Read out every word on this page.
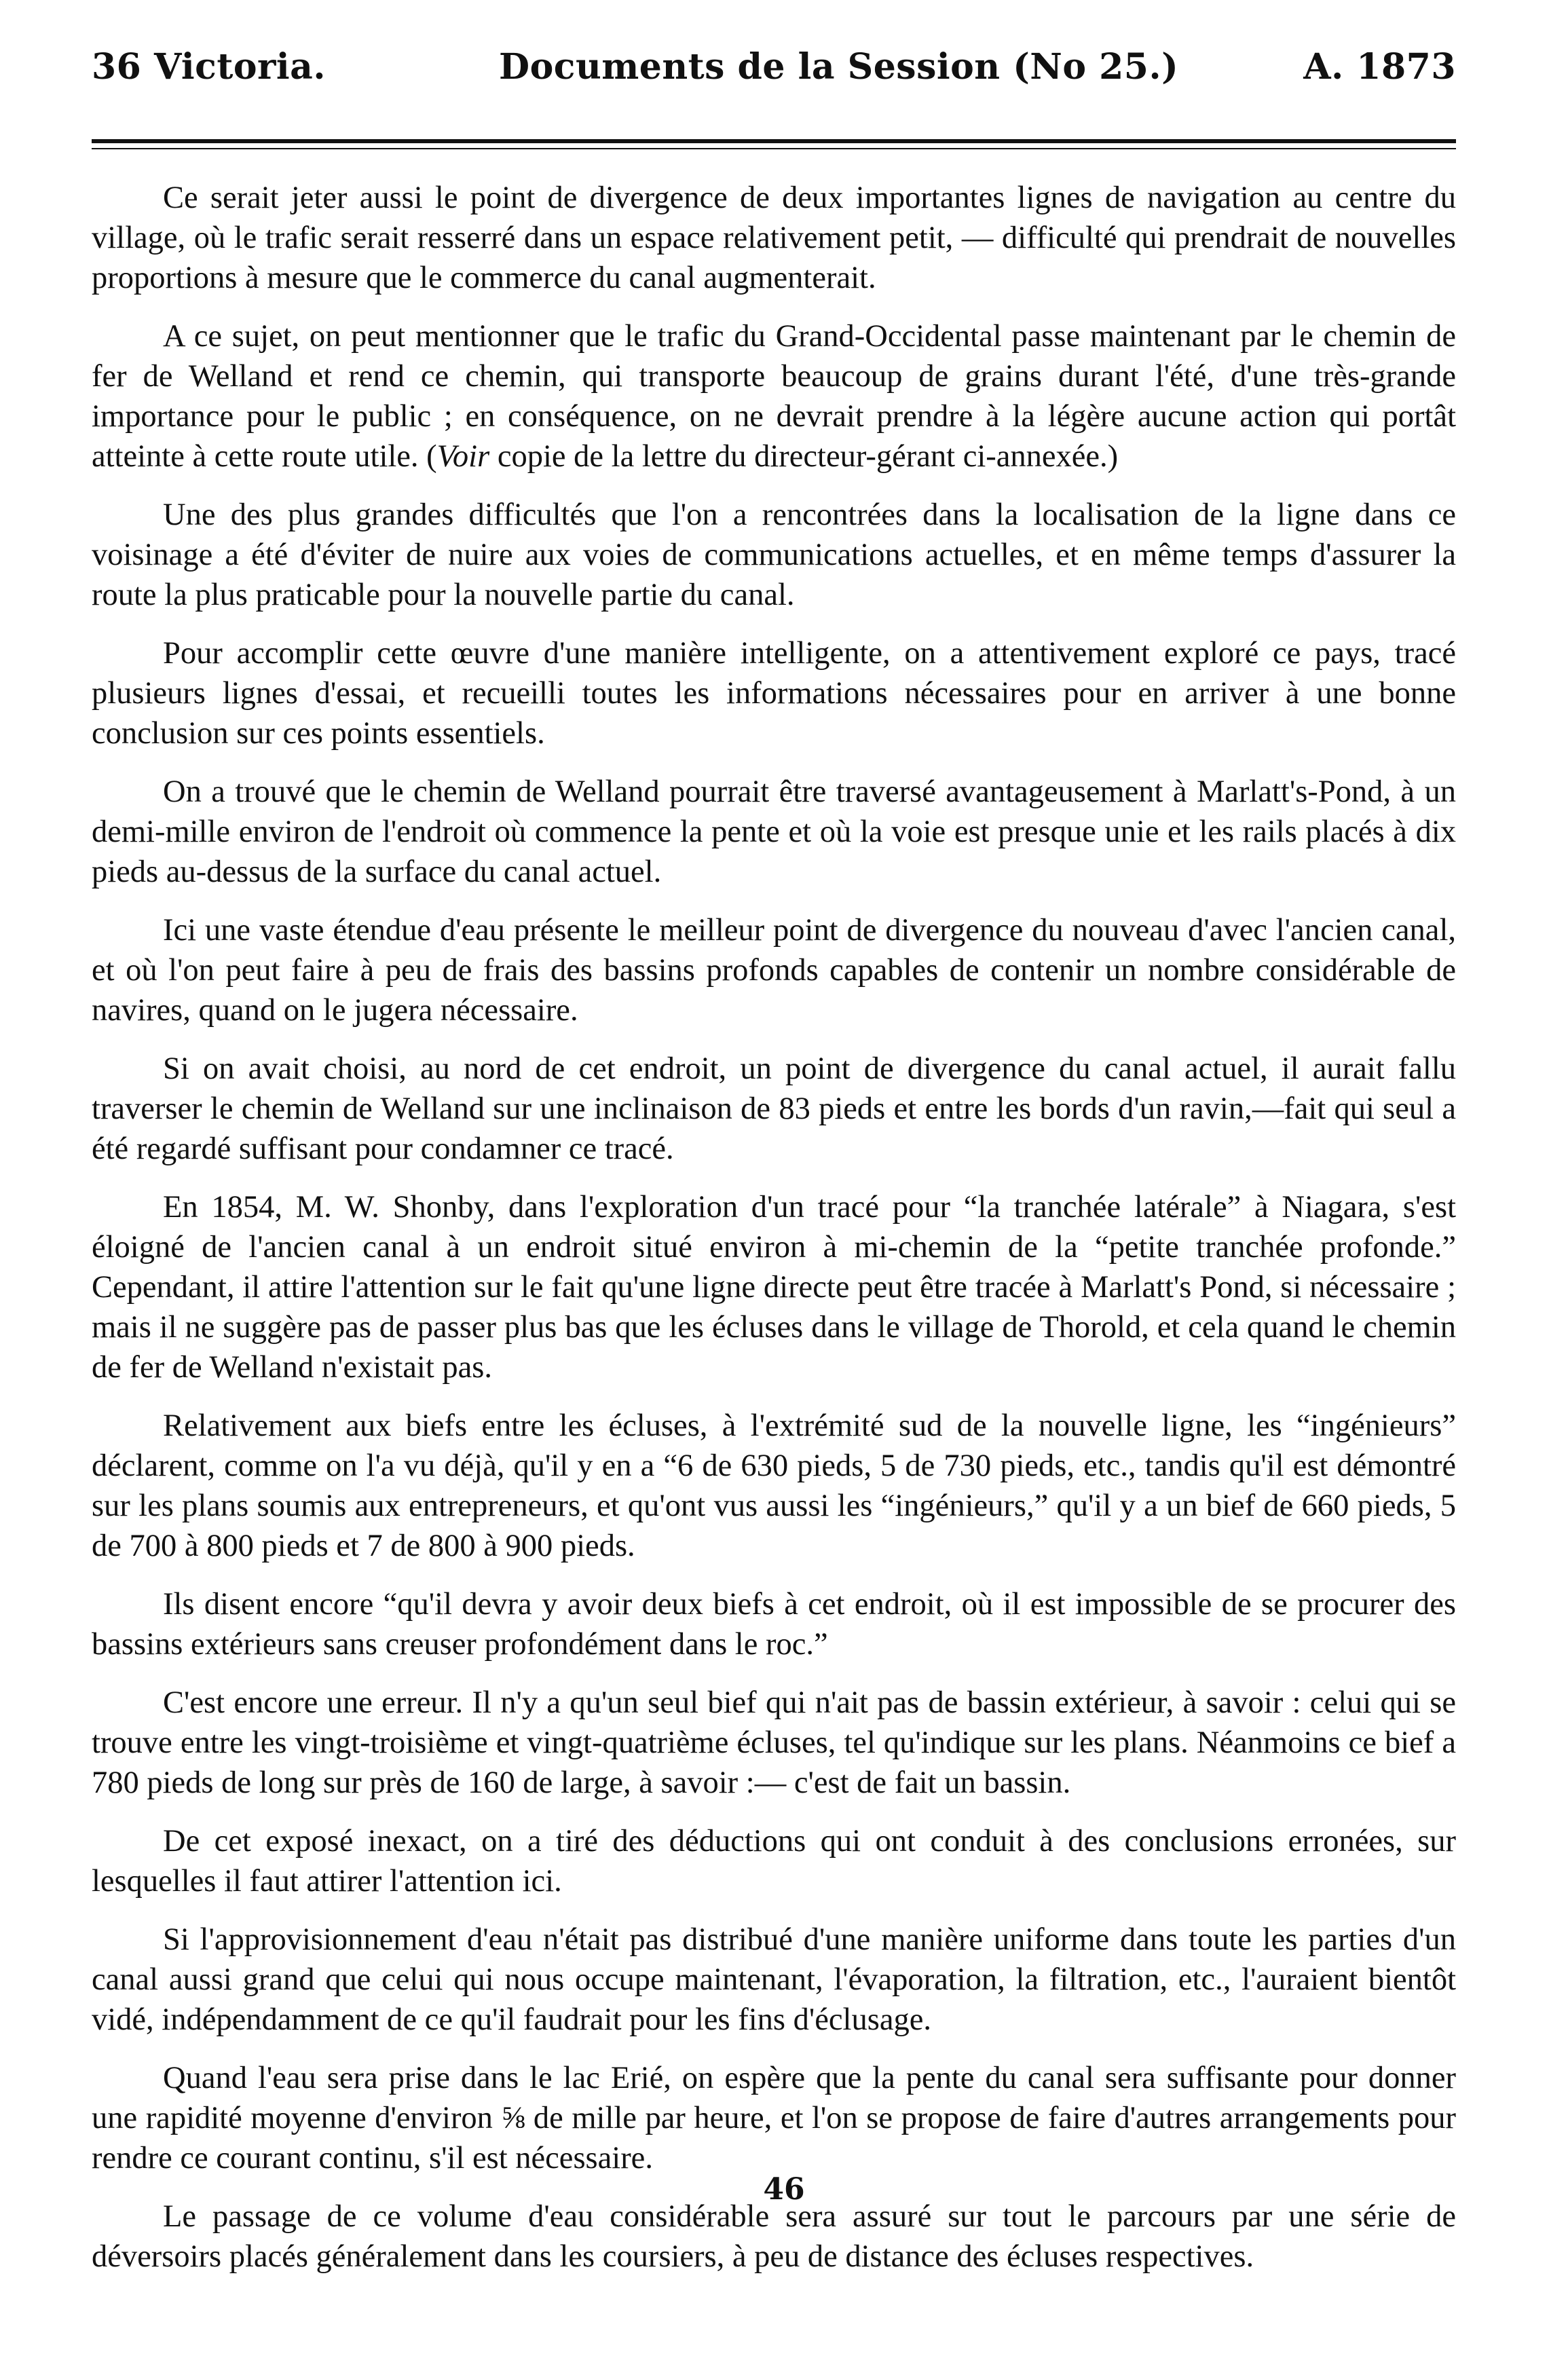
36 Victoria.	Documents de la Session (No 25.)	A. 1873

Ce serait jeter aussi le point de divergence de deux importantes lignes de navigation au centre du village, où le trafic serait resserré dans un espace relativement petit, — difficulté qui prendrait de nouvelles proportions à mesure que le commerce du canal augmenterait.

A ce sujet, on peut mentionner que le trafic du Grand-Occidental passe maintenant par le chemin de fer de Welland et rend ce chemin, qui transporte beaucoup de grains durant l'été, d'une très-grande importance pour le public ; en conséquence, on ne devrait prendre à la légère aucune action qui portât atteinte à cette route utile. (Voir copie de la lettre du directeur-gérant ci-annexée.)

Une des plus grandes difficultés que l'on a rencontrées dans la localisation de la ligne dans ce voisinage a été d'éviter de nuire aux voies de communications actuelles, et en même temps d'assurer la route la plus praticable pour la nouvelle partie du canal.

Pour accomplir cette œuvre d'une manière intelligente, on a attentivement exploré ce pays, tracé plusieurs lignes d'essai, et recueilli toutes les informations nécessaires pour en arriver à une bonne conclusion sur ces points essentiels.

On a trouvé que le chemin de Welland pourrait être traversé avantageusement à Marlatt's-Pond, à un demi-mille environ de l'endroit où commence la pente et où la voie est presque unie et les rails placés à dix pieds au-dessus de la surface du canal actuel.

Ici une vaste étendue d'eau présente le meilleur point de divergence du nouveau d'avec l'ancien canal, et où l'on peut faire à peu de frais des bassins profonds capables de contenir un nombre considérable de navires, quand on le jugera nécessaire.

Si on avait choisi, au nord de cet endroit, un point de divergence du canal actuel, il aurait fallu traverser le chemin de Welland sur une inclinaison de 83 pieds et entre les bords d'un ravin,—fait qui seul a été regardé suffisant pour condamner ce tracé.

En 1854, M. W. Shonby, dans l'exploration d'un tracé pour “la tranchée latérale” à Niagara, s'est éloigné de l'ancien canal à un endroit situé environ à mi-chemin de la “petite tranchée profonde.” Cependant, il attire l'attention sur le fait qu'une ligne directe peut être tracée à Marlatt's Pond, si nécessaire ; mais il ne suggère pas de passer plus bas que les écluses dans le village de Thorold, et cela quand le chemin de fer de Welland n'existait pas.

Relativement aux biefs entre les écluses, à l'extrémité sud de la nouvelle ligne, les “ingénieurs” déclarent, comme on l'a vu déjà, qu'il y en a “6 de 630 pieds, 5 de 730 pieds, etc., tandis qu'il est démontré sur les plans soumis aux entrepreneurs, et qu'ont vus aussi les “ingénieurs,” qu'il y a un bief de 660 pieds, 5 de 700 à 800 pieds et 7 de 800 à 900 pieds.

Ils disent encore “qu'il devra y avoir deux biefs à cet endroit, où il est impossible de se procurer des bassins extérieurs sans creuser profondément dans le roc.”

C'est encore une erreur. Il n'y a qu'un seul bief qui n'ait pas de bassin extérieur, à savoir : celui qui se trouve entre les vingt-troisième et vingt-quatrième écluses, tel qu'indique sur les plans. Néanmoins ce bief a 780 pieds de long sur près de 160 de large, à savoir :— c'est de fait un bassin.

De cet exposé inexact, on a tiré des déductions qui ont conduit à des conclusions erronées, sur lesquelles il faut attirer l'attention ici.

Si l'approvisionnement d'eau n'était pas distribué d'une manière uniforme dans toute les parties d'un canal aussi grand que celui qui nous occupe maintenant, l'évaporation, la filtration, etc., l'auraient bientôt vidé, indépendamment de ce qu'il faudrait pour les fins d'éclusage.

Quand l'eau sera prise dans le lac Erié, on espère que la pente du canal sera suffisante pour donner une rapidité moyenne d'environ ⅝ de mille par heure, et l'on se propose de faire d'autres arrangements pour rendre ce courant continu, s'il est nécessaire.

Le passage de ce volume d'eau considérable sera assuré sur tout le parcours par une série de déversoirs placés généralement dans les coursiers, à peu de distance des écluses respectives.

46
